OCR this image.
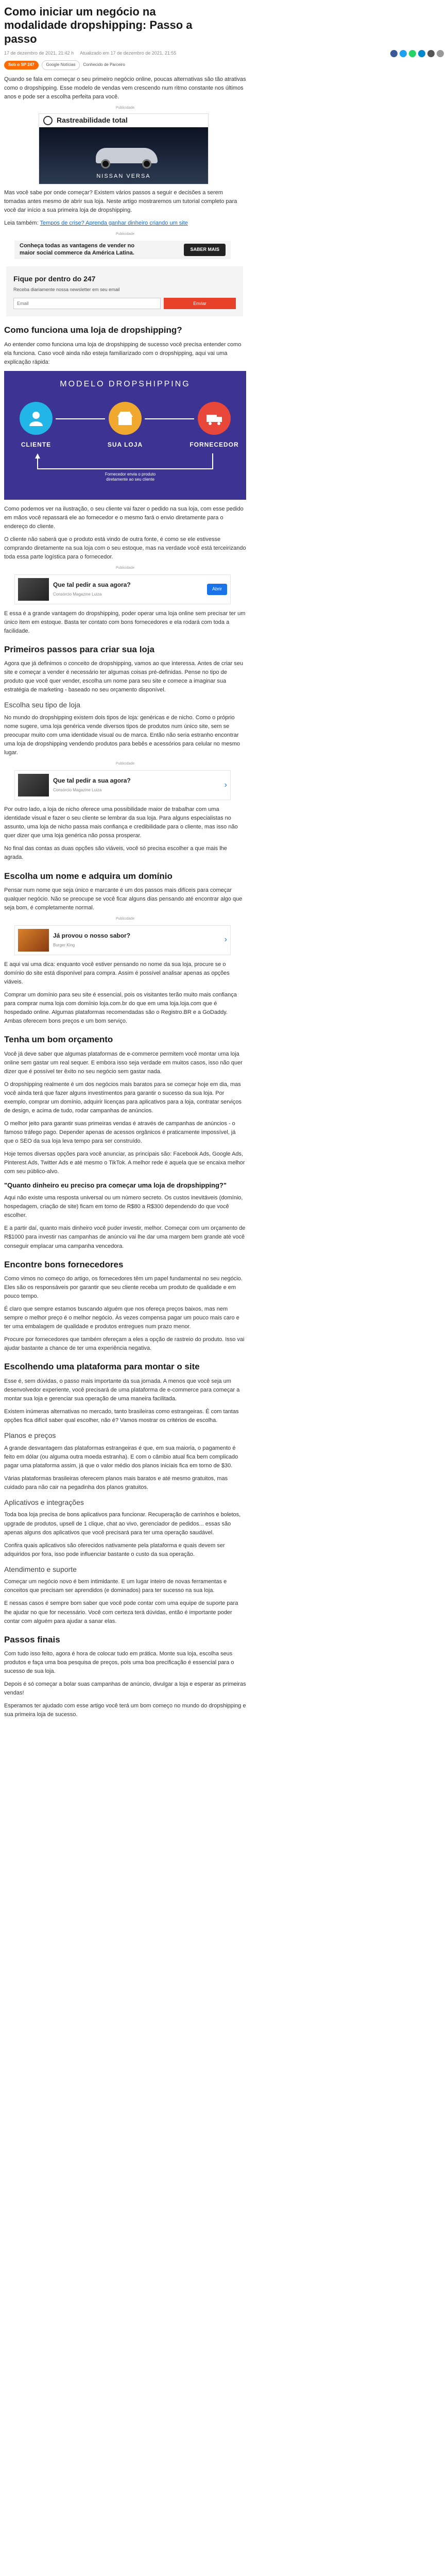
Como iniciar um negócio na modalidade dropshipping: Passo a passo
17 de dezembro de 2021, 21:42 h Atualizado em 17 de dezembro de 2021, 21:55
Sob o SP 247	Google Notícias	Conhecido de Parceiro

Quando se fala em começar o seu primeiro negócio online, poucas alternativas são tão atrativas como o dropshipping. Esse modelo de vendas vem crescendo num ritmo constante nos últimos anos e pode ser a escolha perfeita para você.

Publicidade
Rastreabilidade total
NISSAN VERSA

Mas você sabe por onde começar? Existem vários passos a seguir e decisões a serem tomadas antes mesmo de abrir sua loja. Neste artigo mostraremos um tutorial completo para você dar início a sua primeira loja de dropshipping.

Leia também: Tempos de crise? Aprenda ganhar dinheiro criando um site

Publicidade
Conheça todas as vantagens de vender no maior social commerce da América Latina.
SABER MAIS
Fique por dentro do 247
Receba diariamente nossa newsletter em seu email
Email
Enviar
Como funciona uma loja de dropshipping?

Ao entender como funciona uma loja de dropshipping de sucesso você precisa entender como ela funciona. Caso você ainda não esteja familiarizado com o dropshipping, aqui vai uma explicação rápida:

MODELO DROPSHIPPING
CLIENTE	SUA LOJA	FORNECEDOR
Fornecedor envia o produto diretamente ao seu cliente

Como podemos ver na ilustração, o seu cliente vai fazer o pedido na sua loja, com esse pedido em mãos você repassará ele ao fornecedor e o mesmo fará o envio diretamente para o endereço do cliente.

O cliente não saberá que o produto está vindo de outra fonte, é como se ele estivesse comprando diretamente na sua loja com o seu estoque, mas na verdade você está terceirizando toda essa parte logística para o fornecedor.

Publicidade
Que tal pedir a sua agora?
Consórcio Magazine Luiza
Abrir

E essa é a grande vantagem do dropshipping, poder operar uma loja online sem precisar ter um único item em estoque. Basta ter contato com bons fornecedores e ela rodará com toda a facilidade.

Primeiros passos para criar sua loja

Agora que já definimos o conceito de dropshipping, vamos ao que interessa. Antes de criar seu site e começar a vender é necessário ter algumas coisas pré-definidas. Pense no tipo de produto que você quer vender, escolha um nome para seu site e comece a imaginar sua estratégia de marketing - baseado no seu orçamento disponível.

Escolha seu tipo de loja

No mundo do dropshipping existem dois tipos de loja: genéricas e de nicho. Como o próprio nome sugere, uma loja genérica vende diversos tipos de produtos num único site, sem se preocupar muito com uma identidade visual ou de marca. Então não seria estranho encontrar uma loja de dropshipping vendendo produtos para bebês e acessórios para celular no mesmo lugar.

Publicidade
Que tal pedir a sua agora?
Consórcio Magazine Luiza
›

Por outro lado, a loja de nicho oferece uma possibilidade maior de trabalhar com uma identidade visual e fazer o seu cliente se lembrar da sua loja. Para alguns especialistas no assunto, uma loja de nicho passa mais confiança e credibilidade para o cliente, mas isso não quer dizer que uma loja genérica não possa prosperar.

No final das contas as duas opções são viáveis, você só precisa escolher a que mais lhe agrada.

Escolha um nome e adquira um domínio

Pensar num nome que seja único e marcante é um dos passos mais difíceis para começar qualquer negócio. Não se preocupe se você ficar alguns dias pensando até encontrar algo que seja bom, é completamente normal.

Publicidade
Já provou o nosso sabor?
Burger King
›

E aqui vai uma dica: enquanto você estiver pensando no nome da sua loja, procure se o domínio do site está disponível para compra. Assim é possível analisar apenas as opções viáveis.

Comprar um domínio para seu site é essencial, pois os visitantes terão muito mais confiança para comprar numa loja com domínio loja.com.br do que em uma loja.loja.com que é hospedado online. Algumas plataformas recomendadas são o Registro.BR e a GoDaddy. Ambas oferecem bons preços e um bom serviço.

Tenha um bom orçamento

Você já deve saber que algumas plataformas de e-commerce permitem você montar uma loja online sem gastar um real sequer. E embora isso seja verdade em muitos casos, isso não quer dizer que é possível ter êxito no seu negócio sem gastar nada.

O dropshipping realmente é um dos negócios mais baratos para se começar hoje em dia, mas você ainda terá que fazer alguns investimentos para garantir o sucesso da sua loja. Por exemplo, comprar um domínio, adquirir licenças para aplicativos para a loja, contratar serviços de design, e acima de tudo, rodar campanhas de anúncios.

O melhor jeito para garantir suas primeiras vendas é através de campanhas de anúncios - o famoso tráfego pago. Depender apenas de acessos orgânicos é praticamente impossível, já que o SEO da sua loja leva tempo para ser construído.

Hoje temos diversas opções para você anunciar, as principais são: Facebook Ads, Google Ads, Pinterest Ads, Twitter Ads e até mesmo o TikTok. A melhor rede é aquela que se encaixa melhor com seu público-alvo.

"Quanto dinheiro eu preciso pra começar uma loja de dropshipping?"

Aqui não existe uma resposta universal ou um número secreto. Os custos inevitáveis (domínio, hospedagem, criação de site) ficam em torno de R$80 a R$300 dependendo do que você escolher.

E a partir daí, quanto mais dinheiro você puder investir, melhor. Começar com um orçamento de R$1000 para investir nas campanhas de anúncio vai lhe dar uma margem bem grande até você conseguir emplacar uma campanha vencedora.

Encontre bons fornecedores

Como vimos no começo do artigo, os fornecedores têm um papel fundamental no seu negócio. Eles são os responsáveis por garantir que seu cliente receba um produto de qualidade e em pouco tempo.

É claro que sempre estamos buscando alguém que nos ofereça preços baixos, mas nem sempre o melhor preço é o melhor negócio. Às vezes compensa pagar um pouco mais caro e ter uma embalagem de qualidade e produtos entregues num prazo menor.

Procure por fornecedores que também ofereçam a eles a opção de rastreio do produto. Isso vai ajudar bastante a chance de ter uma experiência negativa.

Escolhendo uma plataforma para montar o site

Esse é, sem dúvidas, o passo mais importante da sua jornada. A menos que você seja um desenvolvedor experiente, você precisará de uma plataforma de e-commerce para começar a montar sua loja e gerenciar sua operação de uma maneira facilitada.

Existem inúmeras alternativas no mercado, tanto brasileiras como estrangeiras. É com tantas opções fica difícil saber qual escolher, não é? Vamos mostrar os critérios de escolha.

Planos e preços

A grande desvantagem das plataformas estrangeiras é que, em sua maioria, o pagamento é feito em dólar (ou alguma outra moeda estranha). E com o câmbio atual fica bem complicado pagar uma plataforma assim, já que o valor médio dos planos iniciais fica em torno de $30.

Várias plataformas brasileiras oferecem planos mais baratos e até mesmo gratuitos, mas cuidado para não cair na pegadinha dos planos gratuitos.

Aplicativos e integrações

Toda boa loja precisa de bons aplicativos para funcionar. Recuperação de carrinhos e boletos, upgrade de produtos, upsell de 1 clique, chat ao vivo, gerenciador de pedidos... essas são apenas alguns dos aplicativos que você precisará para ter uma operação saudável.

Confira quais aplicativos são oferecidos nativamente pela plataforma e quais devem ser adquiridos por fora, isso pode influenciar bastante o custo da sua operação.

Atendimento e suporte

Começar um negócio novo é bem intimidante. E um lugar inteiro de novas ferramentas e conceitos que precisam ser aprendidos (e dominados) para ter sucesso na sua loja.

E nessas casos é sempre bom saber que você pode contar com uma equipe de suporte para lhe ajudar no que for necessário. Você com certeza terá dúvidas, então é importante poder contar com alguém para ajudar a sanar elas.

Passos finais

Com tudo isso feito, agora é hora de colocar tudo em prática. Monte sua loja, escolha seus produtos e faça uma boa pesquisa de preços, pois uma boa precificação é essencial para o sucesso de sua loja.

Depois é só começar a bolar suas campanhas de anúncio, divulgar a loja e esperar as primeiras vendas!

Esperamos ter ajudado com esse artigo você terá um bom começo no mundo do dropshipping e sua primeira loja de sucesso.
